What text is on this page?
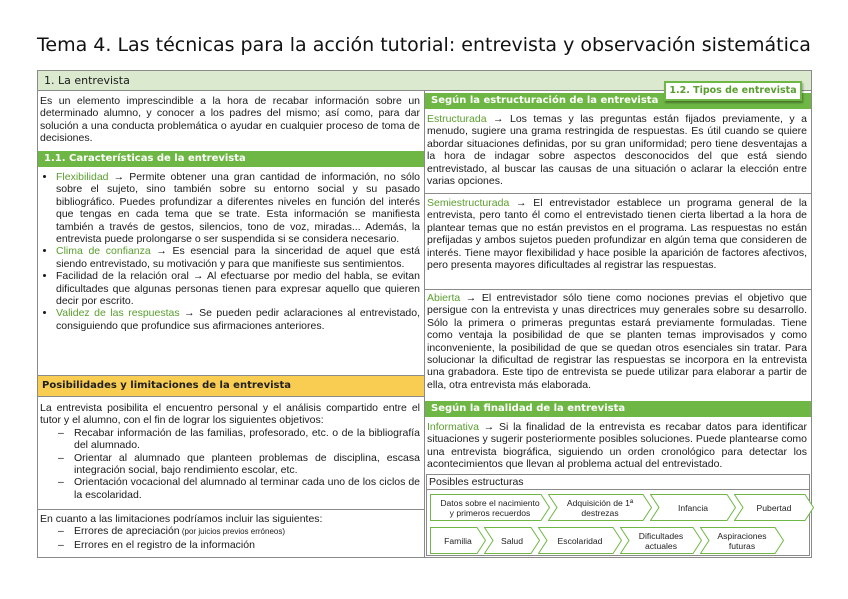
Tema 4. Las técnicas para la acción tutorial: entrevista y observación sistemática
1. La entrevista
Es un elemento imprescindible a la hora de recabar información sobre un determinado alumno, y conocer a los padres del mismo; así como, para dar solución a una conducta problemática o ayudar en cualquier proceso de toma de decisiones.
1.1. Características de la entrevista
• Flexibilidad → Permite obtener una gran cantidad de información, no sólo sobre el sujeto, sino también sobre su entorno social y su pasado bibliográfico. Puedes profundizar a diferentes niveles en función del interés que tengas en cada tema que se trate. Esta información se manifiesta también a través de gestos, silencios, tono de voz, miradas... Además, la entrevista puede prolongarse o ser suspendida si se considera necesario.
• Clima de confianza → Es esencial para la sinceridad de aquel que está siendo entrevistado, su motivación y para que manifieste sus sentimientos.
• Facilidad de la relación oral → Al efectuarse por medio del habla, se evitan dificultades que algunas personas tienen para expresar aquello que quieren decir por escrito.
• Validez de las respuestas → Se pueden pedir aclaraciones al entrevistado, consiguiendo que profundice sus afirmaciones anteriores.
Posibilidades y limitaciones de la entrevista
La entrevista posibilita el encuentro personal y el análisis compartido entre el tutor y el alumno, con el fin de lograr los siguientes objetivos:
– Recabar información de las familias, profesorado, etc. o de la bibliografía del alumnado.
– Orientar al alumnado que planteen problemas de disciplina, escasa integración social, bajo rendimiento escolar, etc.
– Orientación vocacional del alumnado al terminar cada uno de los ciclos de la escolaridad.
En cuanto a las limitaciones podríamos incluir las siguientes:
– Errores de apreciación (por juicios previos erróneos)
– Errores en el registro de la información
Según la estructuración de la entrevista
1.2. Tipos de entrevista
Estructurada → Los temas y las preguntas están fijados previamente, y a menudo, sugiere una grama restringida de respuestas. Es útil cuando se quiere abordar situaciones definidas, por su gran uniformidad; pero tiene desventajas a la hora de indagar sobre aspectos desconocidos del que está siendo entrevistado, al buscar las causas de una situación o aclarar la elección entre varias opciones.
Semiestructurada → El entrevistador establece un programa general de la entrevista, pero tanto él como el entrevistado tienen cierta libertad a la hora de plantear temas que no están previstos en el programa. Las respuestas no están prefijadas y ambos sujetos pueden profundizar en algún tema que consideren de interés. Tiene mayor flexibilidad y hace posible la aparición de factores afectivos, pero presenta mayores dificultades al registrar las respuestas.
Abierta → El entrevistador sólo tiene como nociones previas el objetivo que persigue con la entrevista y unas directrices muy generales sobre su desarrollo. Sólo la primera o primeras preguntas estará previamente formuladas. Tiene como ventaja la posibilidad de que se planten temas improvisados y como inconveniente, la posibilidad de que se quedan otros esenciales sin tratar. Para solucionar la dificultad de registrar las respuestas se incorpora en la entrevista una grabadora. Este tipo de entrevista se puede utilizar para elaborar a partir de ella, otra entrevista más elaborada.
Según la finalidad de la entrevista
Informativa → Si la finalidad de la entrevista es recabar datos para identificar situaciones y sugerir posteriormente posibles soluciones. Puede plantearse como una entrevista biográfica, siguiendo un orden cronológico para detectar los acontecimientos que llevan al problema actual del entrevistado.
Posibles estructuras
Datos sobre el nacimiento y primeros recuerdos
Adquisición de 1ª destrezas	Infancia	Pubertad
Familia	Salud	Escolaridad	Dificultades actuales
Aspiraciones futuras
